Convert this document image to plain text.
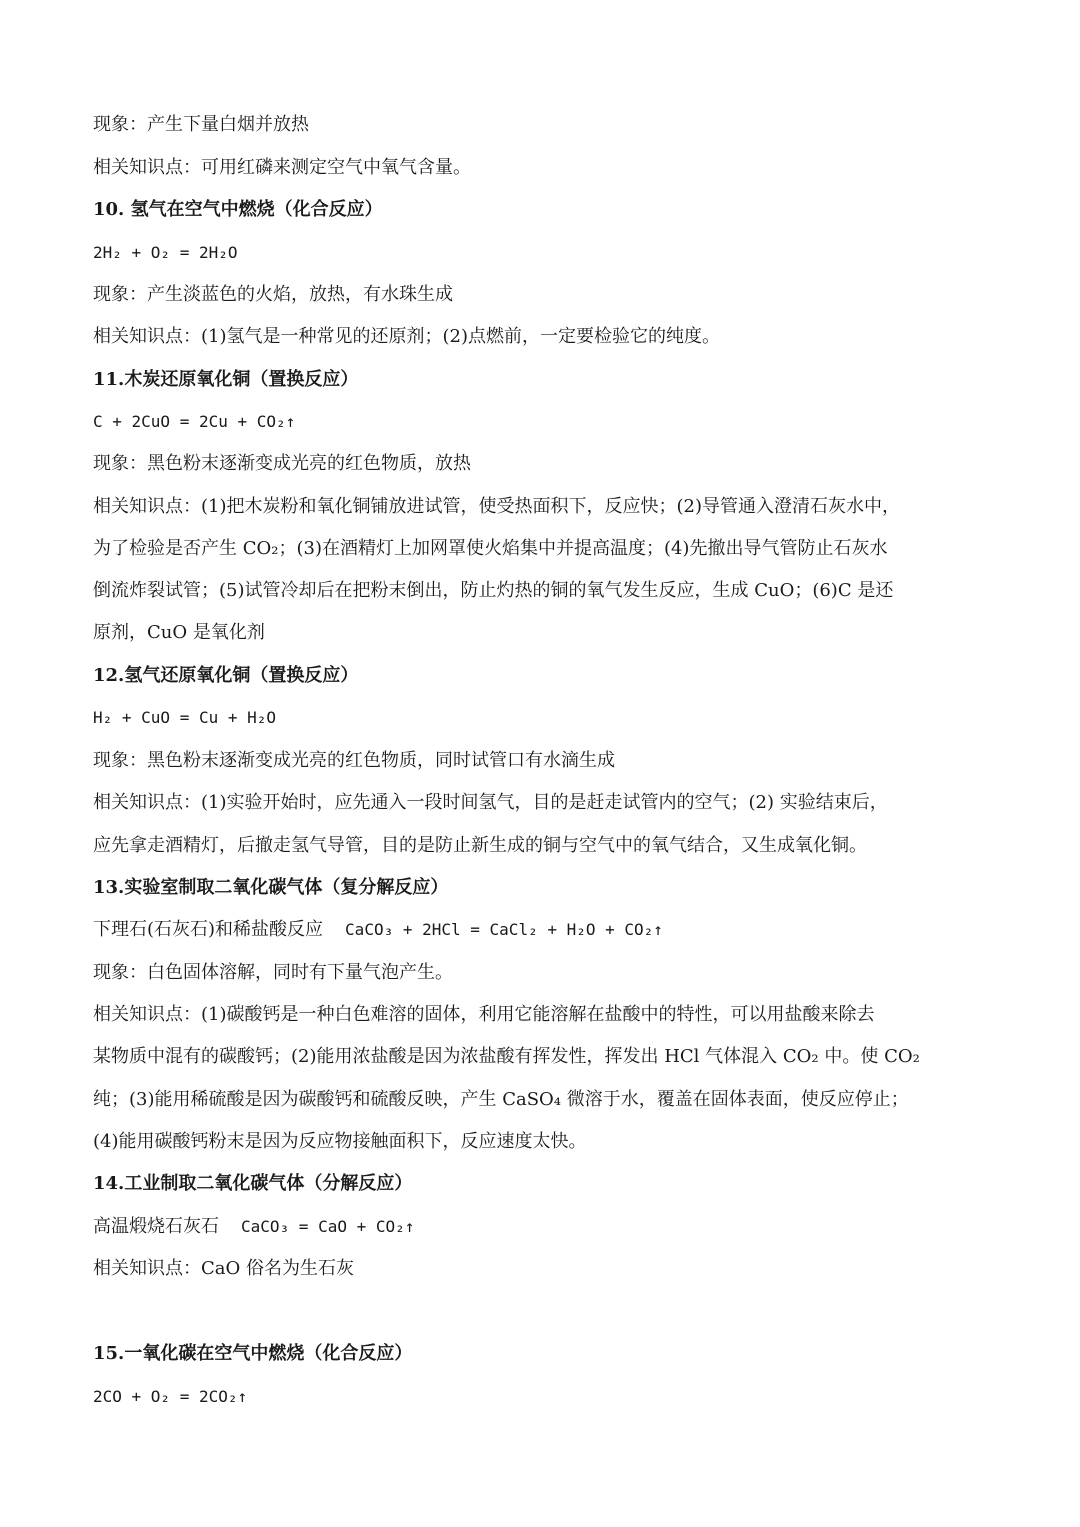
现象：产生下量白烟并放热
相关知识点：可用红磷来测定空气中氧气含量。
10. 氢气在空气中燃烧（化合反应）
2H₂ + O₂ = 2H₂O
现象：产生淡蓝色的火焰，放热，有水珠生成
相关知识点：(1)氢气是一种常见的还原剂；(2)点燃前，一定要检验它的纯度。
11.木炭还原氧化铜（置换反应）
C + 2CuO = 2Cu + CO₂↑
现象：黑色粉末逐渐变成光亮的红色物质，放热
相关知识点：(1)把木炭粉和氧化铜铺放进试管，使受热面积下，反应快；(2)导管通入澄清石灰水中，
为了检验是否产生 CO₂；(3)在酒精灯上加网罩使火焰集中并提高温度；(4)先撤出导气管防止石灰水
倒流炸裂试管；(5)试管冷却后在把粉末倒出，防止灼热的铜的氧气发生反应，生成 CuO；(6)C 是还
原剂，CuO 是氧化剂
12.氢气还原氧化铜（置换反应）
H₂ + CuO = Cu + H₂O
现象：黑色粉末逐渐变成光亮的红色物质，同时试管口有水滴生成
相关知识点：(1)实验开始时，应先通入一段时间氢气，目的是赶走试管内的空气；(2) 实验结束后，
应先拿走酒精灯，后撤走氢气导管，目的是防止新生成的铜与空气中的氧气结合，又生成氧化铜。
13.实验室制取二氧化碳气体（复分解反应）
下理石(石灰石)和稀盐酸反应 CaCO₃ + 2HCl = CaCl₂ + H₂O + CO₂↑
现象：白色固体溶解，同时有下量气泡产生。
相关知识点：(1)碳酸钙是一种白色难溶的固体，利用它能溶解在盐酸中的特性，可以用盐酸来除去
某物质中混有的碳酸钙；(2)能用浓盐酸是因为浓盐酸有挥发性，挥发出 HCl 气体混入 CO₂ 中。使 CO₂
纯；(3)能用稀硫酸是因为碳酸钙和硫酸反映，产生 CaSO₄ 微溶于水，覆盖在固体表面，使反应停止；
(4)能用碳酸钙粉末是因为反应物接触面积下，反应速度太快。
14.工业制取二氧化碳气体（分解反应）
高温煅烧石灰石 CaCO₃ = CaO + CO₂↑
相关知识点：CaO 俗名为生石灰
15.一氧化碳在空气中燃烧（化合反应）
2CO + O₂ = 2CO₂↑
